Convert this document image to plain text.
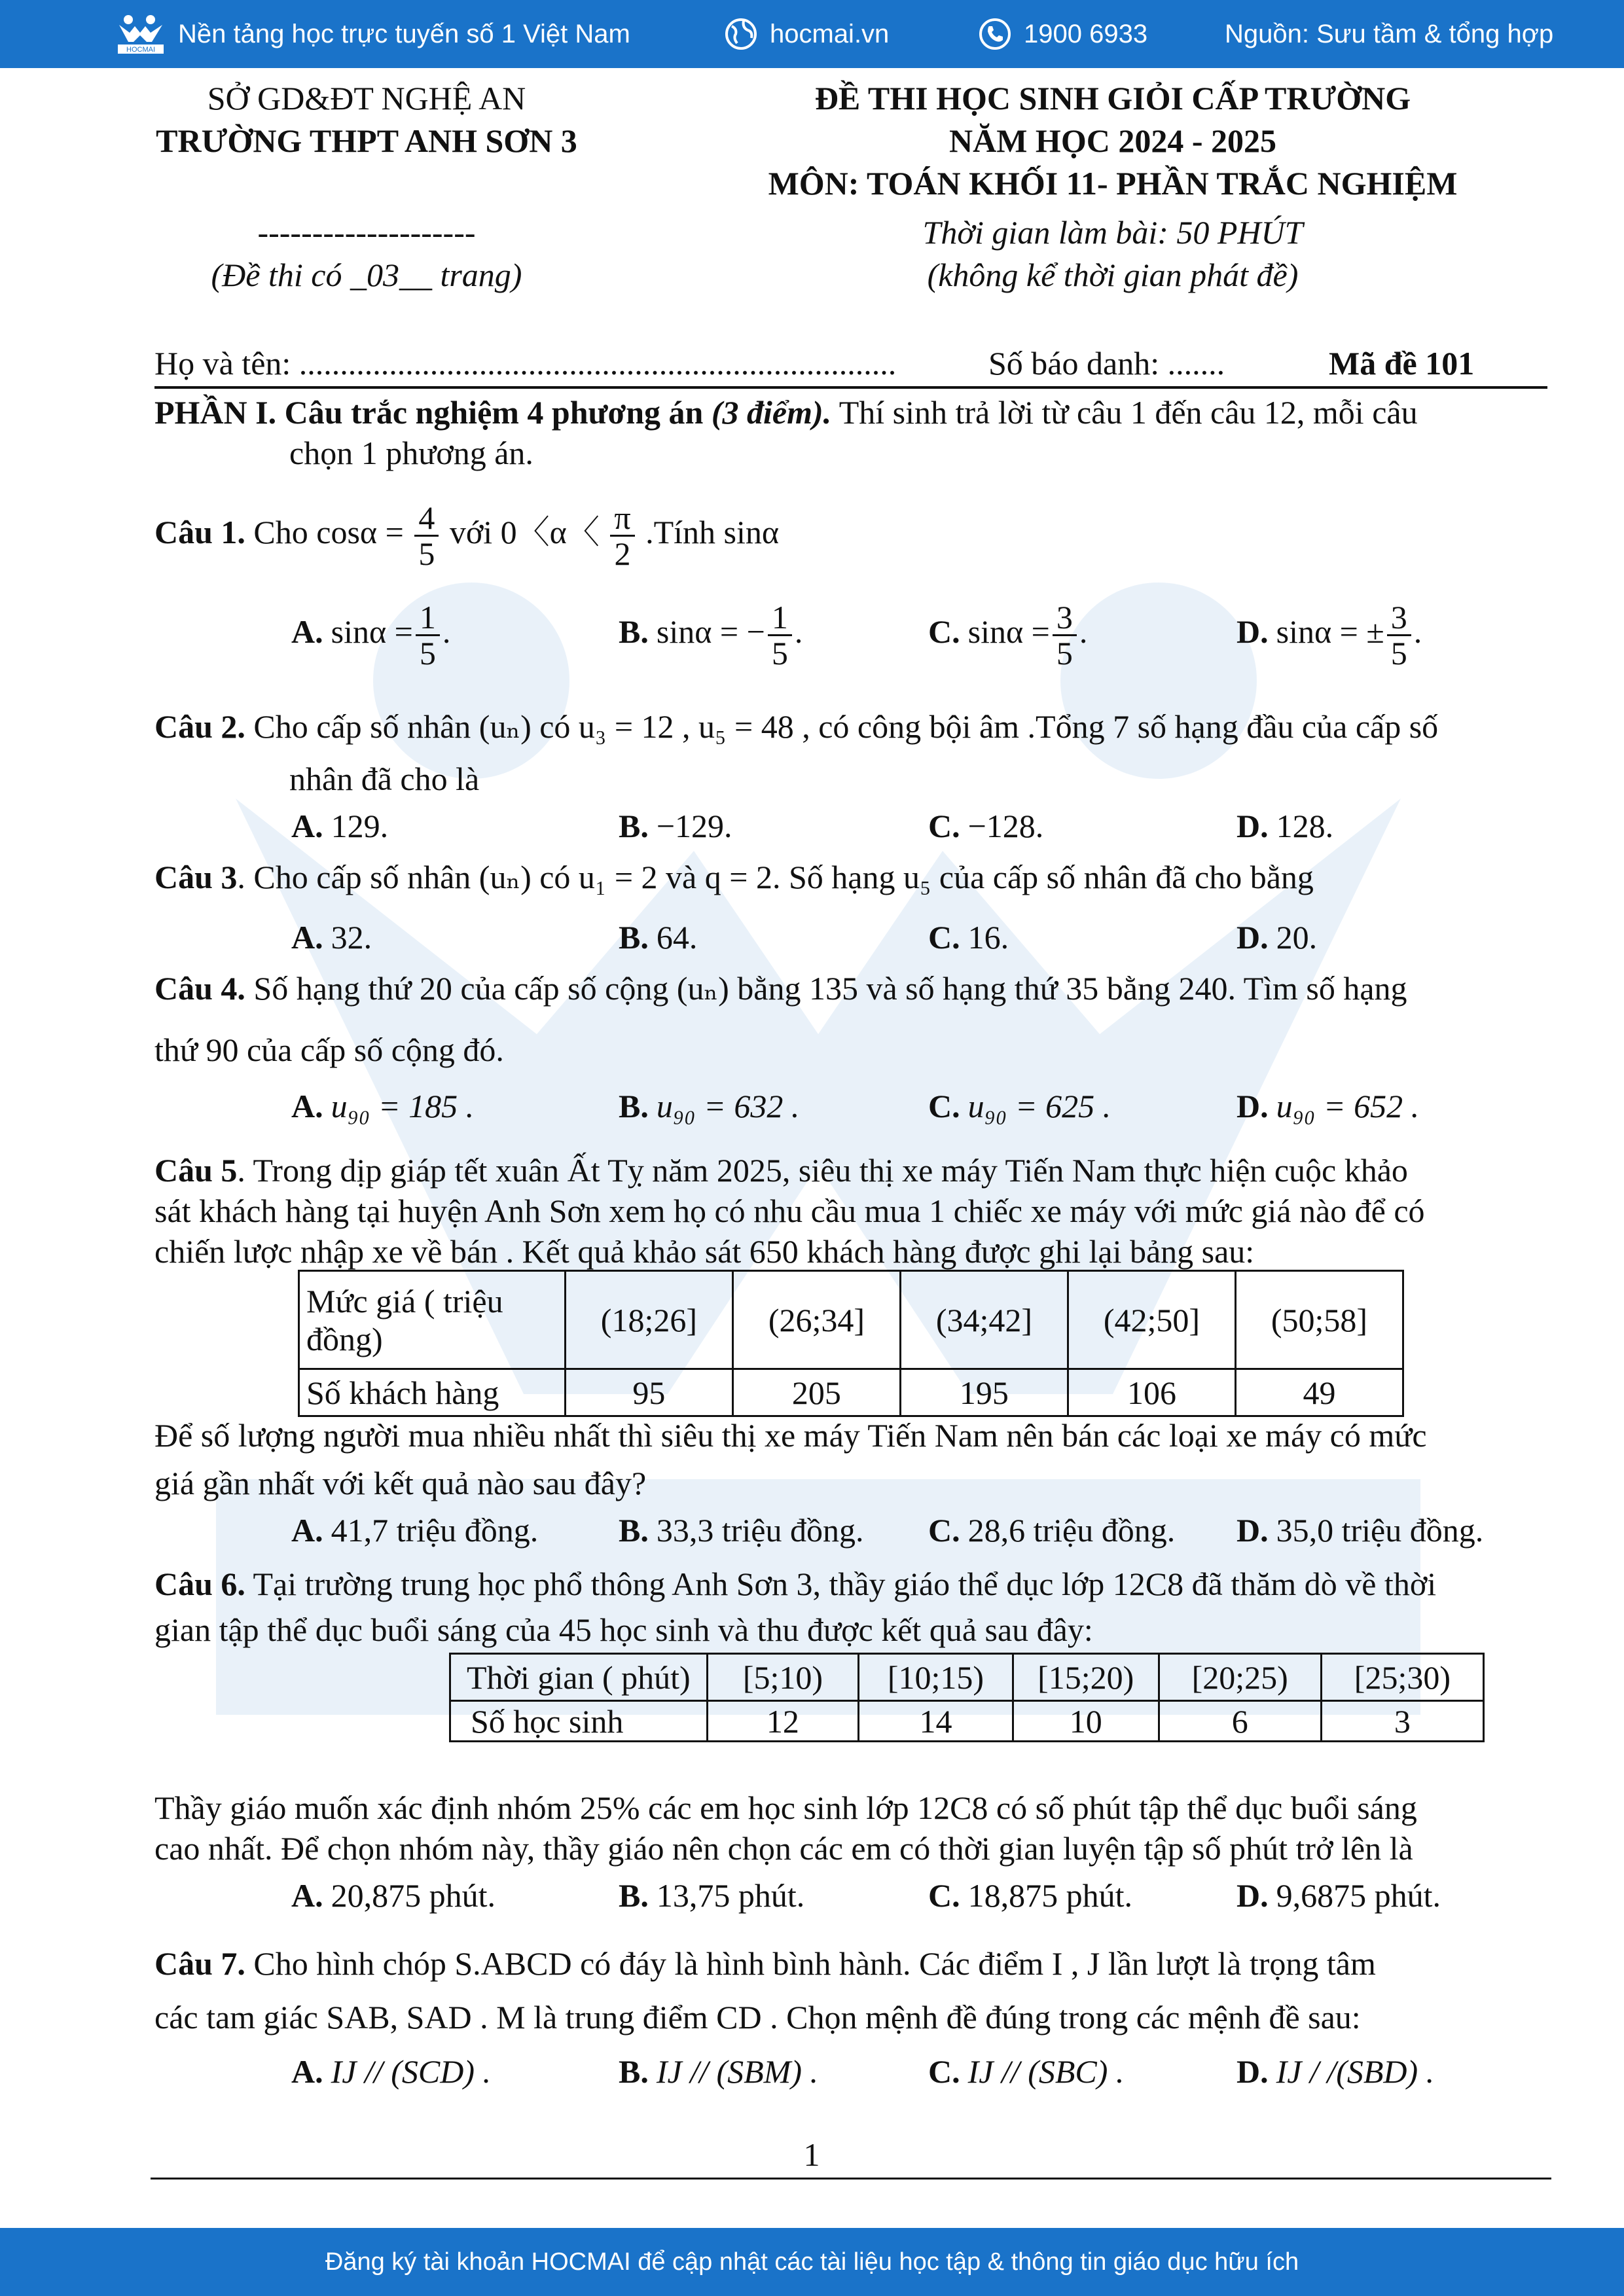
HOCMAI
Nền tảng học trực tuyến số 1 Việt Nam	hocmai.vn	1900 6933	Nguồn: Sưu tầm & tổng hợp
SỞ GD&ĐT NGHỆ AN
TRƯỜNG THPT ANH SƠN 3
--------------------
(Đề thi có _03__ trang)
ĐỀ THI HỌC SINH GIỎI CẤP TRƯỜNG
NĂM HỌC 2024 - 2025
MÔN: TOÁN KHỐI 11- PHẦN TRẮC NGHIỆM
Thời gian làm bài: 50 PHÚT
(không kể thời gian phát đề)
Họ và tên: .........................................................................	Số báo danh: .......	Mã đề 101
PHẦN I. Câu trắc nghiệm 4 phương án (3 điểm). Thí sinh trả lời từ câu 1 đến câu 12, mỗi câu
chọn 1 phương án.
Câu 1. Cho $\cos\alpha = \frac{4}{5}$ với 0〈α〈 $\frac{\pi}{2}$ .Tính sinα
A. $\sin\alpha = \frac{1}{5}$ .	B. sinα = − $\frac{1}{5}$ .	C. $\sin\alpha = \frac{3}{5}$ .	D. sinα = ± $\frac{3}{5}$ .
Câu 2. Cho cấp số nhân (uₙ) có u₃ = 12 , u₅ = 48 , có công bội âm .Tổng 7 số hạng đầu của cấp số
nhân đã cho là
A. 129.	B. −129.	C. −128.	D. 128.
Câu 3. Cho cấp số nhân (uₙ) có u₁ = 2 và q = 2. Số hạng u₅ của cấp số nhân đã cho bằng
A. 32.	B. 64.	C. 16.	D. 20.
Câu 4. Số hạng thứ 20 của cấp số cộng (uₙ) bằng 135 và số hạng thứ 35 bằng 240. Tìm số hạng
thứ 90 của cấp số cộng đó.
A. u₉₀ = 185 .	B. u₉₀ = 632 .	C. u₉₀ = 625 .	D. u₉₀ = 652 .
Câu 5. Trong dịp giáp tết xuân Ất Tỵ năm 2025, siêu thị xe máy Tiến Nam thực hiện cuộc khảo
sát khách hàng tại huyện Anh Sơn xem họ có nhu cầu mua 1 chiếc xe máy với mức giá nào để có
chiến lược nhập xe về bán . Kết quả khảo sát 650 khách hàng được ghi lại bảng sau:
Mức giá ( triệu
đồng)	(18;26]	(26;34]	(34;42]	(42;50]	(50;58]
Số khách hàng	95	205	195	106	49
Để số lượng người mua nhiều nhất thì siêu thị xe máy Tiến Nam nên bán các loại xe máy có mức
giá gần nhất với kết quả nào sau đây?
A. 41,7 triệu đồng. B. 33,3 triệu đồng. C. 28,6 triệu đồng. D. 35,0 triệu đồng.
Câu 6. Tại trường trung học phổ thông Anh Sơn 3, thầy giáo thể dục lớp 12C8 đã thăm dò về thời
gian tập thể dục buổi sáng của 45 học sinh và thu được kết quả sau đây:
Thời gian ( phút)	[5;10)	[10;15)	[15;20)	[20;25)	[25;30)
Số học sinh	12	14	10	6	3
Thầy giáo muốn xác định nhóm 25% các em học sinh lớp 12C8 có số phút tập thể dục buổi sáng
cao nhất. Để chọn nhóm này, thầy giáo nên chọn các em có thời gian luyện tập số phút trở lên là
A. 20,875 phút.	B. 13,75 phút.	C. 18,875 phút.	D. 9,6875 phút.
Câu 7. Cho hình chóp S.ABCD có đáy là hình bình hành. Các điểm I , J lần lượt là trọng tâm
các tam giác SAB, SAD . M là trung điểm CD . Chọn mệnh đề đúng trong các mệnh đề sau:
A. IJ // (SCD) .	B. IJ // (SBM) .	C. IJ // (SBC) .	D. IJ / /(SBD) .
1
Đăng ký tài khoản HOCMAI để cập nhật các tài liệu học tập & thông tin giáo dục hữu ích
